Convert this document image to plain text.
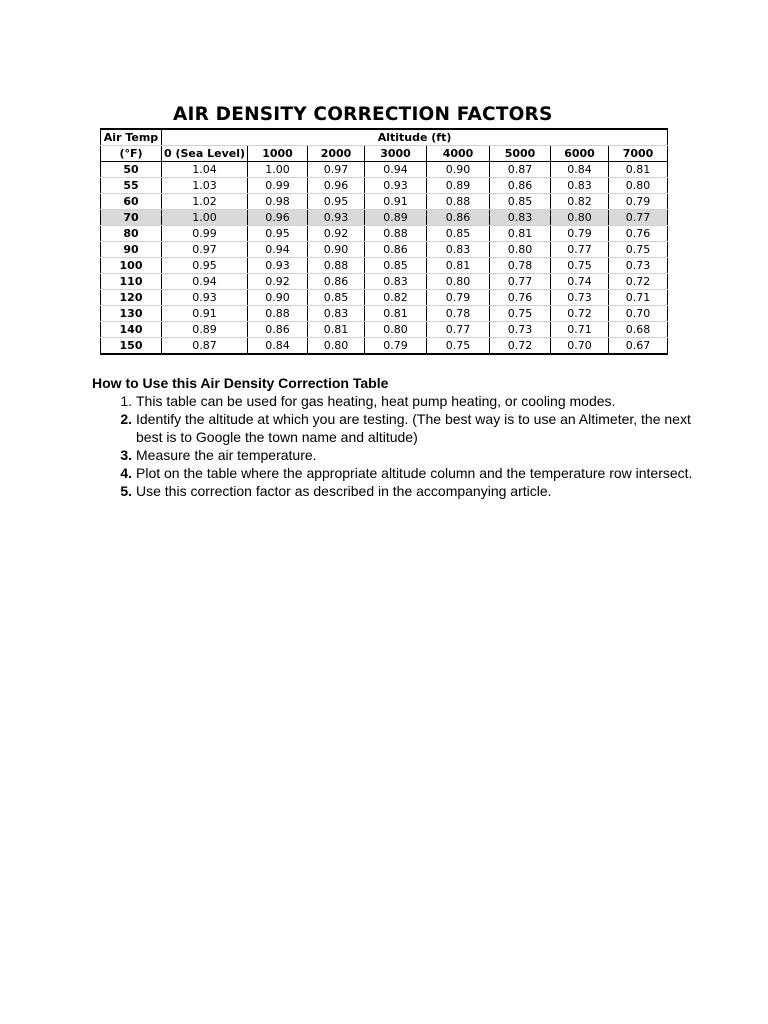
AIR DENSITY CORRECTION FACTORS
Air Temp	Altitude (ft)							
(°F)	0 (Sea Level)	1000	2000	3000	4000	5000	6000	7000
50	1.04	1.00	0.97	0.94	0.90	0.87	0.84	0.81
55	1.03	0.99	0.96	0.93	0.89	0.86	0.83	0.80
60	1.02	0.98	0.95	0.91	0.88	0.85	0.82	0.79
70	1.00	0.96	0.93	0.89	0.86	0.83	0.80	0.77
80	0.99	0.95	0.92	0.88	0.85	0.81	0.79	0.76
90	0.97	0.94	0.90	0.86	0.83	0.80	0.77	0.75
100	0.95	0.93	0.88	0.85	0.81	0.78	0.75	0.73
110	0.94	0.92	0.86	0.83	0.80	0.77	0.74	0.72
120	0.93	0.90	0.85	0.82	0.79	0.76	0.73	0.71
130	0.91	0.88	0.83	0.81	0.78	0.75	0.72	0.70
140	0.89	0.86	0.81	0.80	0.77	0.73	0.71	0.68
150	0.87	0.84	0.80	0.79	0.75	0.72	0.70	0.67
How to Use this Air Density Correction Table
1. This table can be used for gas heating, heat pump heating, or cooling modes.
2. Identify the altitude at which you are testing. (The best way is to use an Altimeter, the next best is to Google the town name and altitude)
3. Measure the air temperature.
4. Plot on the table where the appropriate altitude column and the temperature row intersect.
5. Use this correction factor as described in the accompanying article.
